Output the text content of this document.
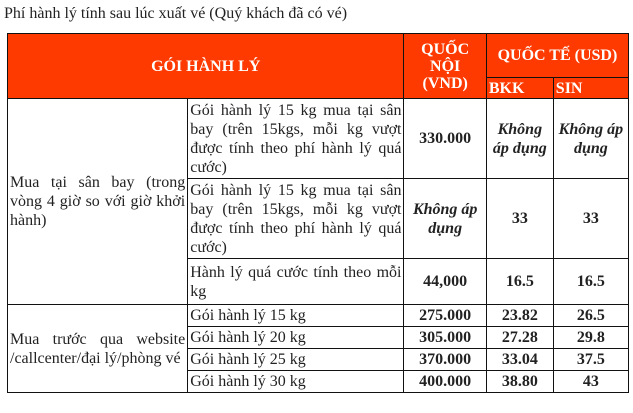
Phí hành lý tính sau lúc xuất vé (Quý khách đã có vé)
GÓI HÀNH LÝ		QUỐC NỘI (VND)	QUỐC TẾ (USD)	
			BKK	SIN
Mua tại sân bay (trong vòng 4 giờ so với giờ khởi hành)	Gói hành lý 15 kg mua tại sân bay (trên 15kgs, mỗi kg vượt được tính theo phí hành lý quá cước)	330.000	Không áp dụng	Không áp dụng
	Gói hành lý 15 kg mua tại sân bay (trên 15kgs, mỗi kg vượt được tính theo phí hành lý quá cước)	Không áp dụng	33	33
	Hành lý quá cước tính theo mỗi kg	44,000	16.5	16.5
Mua trước qua website /callcenter/đại lý/phòng vé	Gói hành lý 15 kg	275.000	23.82	26.5
	Gói hành lý 20 kg	305.000	27.28	29.8
	Gói hành lý 25 kg	370.000	33.04	37.5
	Gói hành lý 30 kg	400.000	38.80	43
